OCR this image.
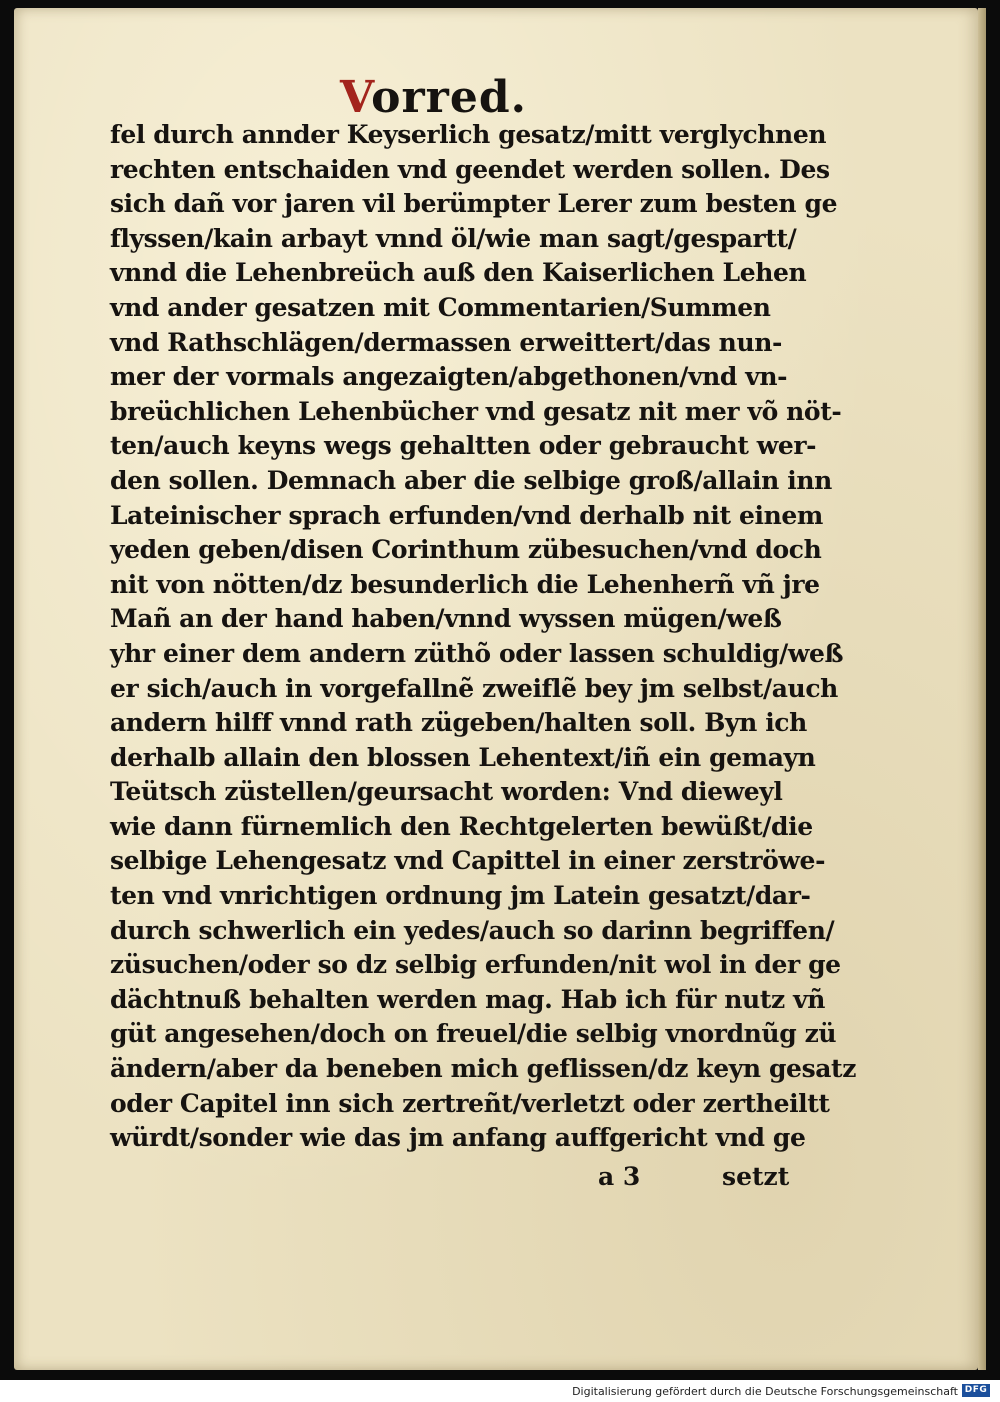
Vorred.
fel durch annder Keyserlich gesatz/mitt verglychnen
rechten entschaiden vnd geendet werden sollen. Des
sich dañ vor jaren vil berümpter Lerer zum besten ge
flyssen/kain arbayt vnnd öl/wie man sagt/gespartt/
vnnd die Lehenbreüch auß den Kaiserlichen Lehen
vnd ander gesatzen mit Commentarien/Summen
vnd Rathschlägen/dermassen erweittert/das nun-
mer der vormals angezaigten/abgethonen/vnd vn-
breüchlichen Lehenbücher vnd gesatz nit mer võ nöt-
ten/auch keyns wegs gehaltten oder gebraucht wer-
den sollen. Demnach aber die selbige groß/allain inn
Lateinischer sprach erfunden/vnd derhalb nit einem
yeden geben/disen Corinthum zübesuchen/vnd doch
nit von nötten/dz besunderlich die Lehenherñ vñ jre
Mañ an der hand haben/vnnd wyssen mügen/weß
yhr einer dem andern züthõ oder lassen schuldig/weß
er sich/auch in vorgefallnẽ zweiflẽ bey jm selbst/auch
andern hilff vnnd rath zügeben/halten soll. Byn ich
derhalb allain den blossen Lehentext/iñ ein gemayn
Teütsch züstellen/geursacht worden: Vnd dieweyl
wie dann fürnemlich den Rechtgelerten bewüßt/die
selbige Lehengesatz vnd Capittel in einer zerströwe-
ten vnd vnrichtigen ordnung jm Latein gesatzt/dar-
durch schwerlich ein yedes/auch so darinn begriffen/
züsuchen/oder so dz selbig erfunden/nit wol in der ge
dächtnuß behalten werden mag. Hab ich für nutz vñ
güt angesehen/doch on freuel/die selbig vnordnũg zü
ändern/aber da beneben mich geflissen/dz keyn gesatz
oder Capitel inn sich zertreñt/verletzt oder zertheiltt
würdt/sonder wie das jm anfang auffgericht vnd ge
a 3	setzt
Digitalisierung gefördert durch die Deutsche Forschungsgemeinschaft DFG
